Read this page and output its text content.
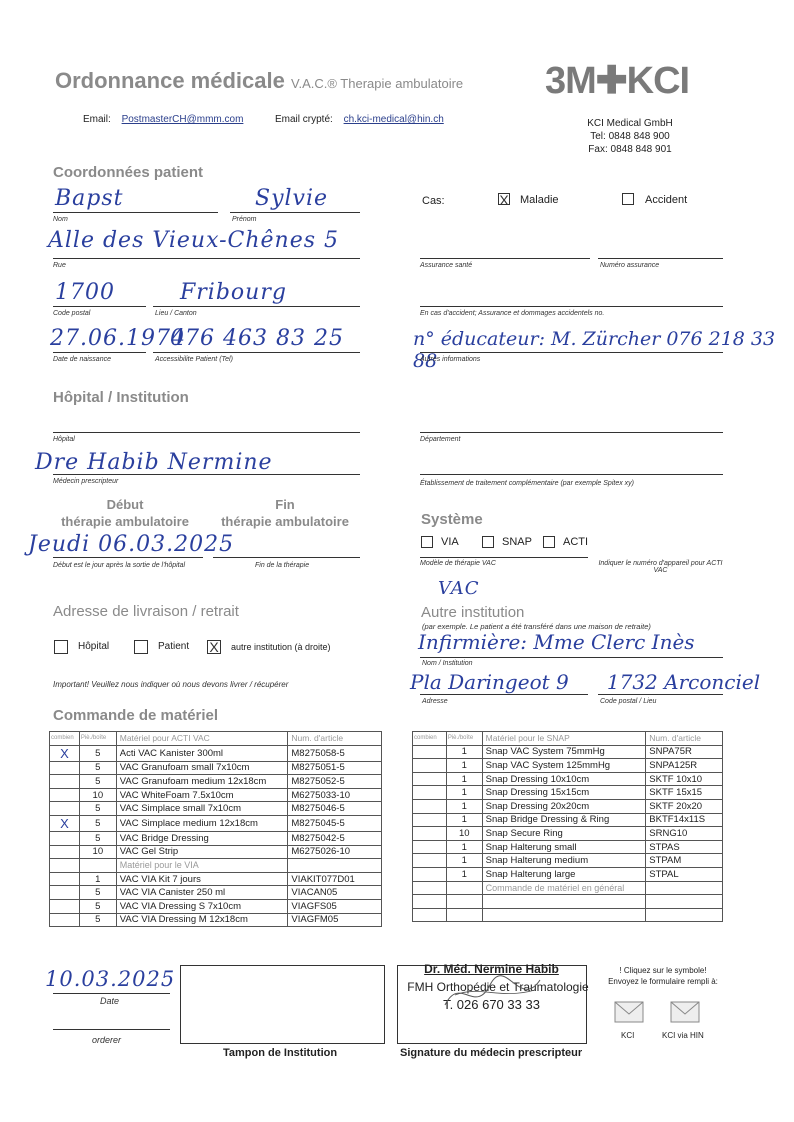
Ordonnance médicale V.A.C.® Therapie ambulatoire 3M✚KCI
Email: PostmasterCH@mmm.com	Email crypté: ch.kci-medical@hin.ch	KCI Medical GmbH
Tel: 0848 848 900
Fax: 0848 848 901
Coordonnées patient
Bapst	Sylvie
Nom	Prénom
Alle des Vieux-Chênes 5
Rue
1700	Fribourg
Code postal	Lieu / Canton
27.06.1974
076 463 83 25
Date de naissance	Accessibilite Patient (Tel)
Cas:	X Maladie	Accident
Assurance santé	Numéro assurance
En cas d'accident; Assurance et dommages accidentels no.
n° éducateur: M. Zürcher 076 218 33 88
Autres informations
Hôpital / Institution
Hôpital	Département
Dre Habib Nermine
Médecin prescripteur	Établissement de traitement complémentaire (par exemple Spitex xy)
Début
thérapie ambulatoire
Fin
thérapie ambulatoire
Jeudi 06.03.2025
Début est le jour après la sortie de l'hôpital	Fin de la thérapie
Système
VIA	SNAP	ACTI
Modèle de thérapie VAC	Indiquer le numéro d'appareil pour ACTI VAC
VAC
Adresse de livraison / retrait
Hôpital	Patient X autre institution (à droite)
Important! Veuillez nous indiquer où nous devons livrer / récupérer
Autre institution
(par exemple. Le patient a été transféré dans une maison de retraite)
Infirmière: Mme Clerc Inès
Nom / Institution
Pla Daringeot 9      1732 Arconciel
Adresse	Code postal / Lieu
Commande de matériel
combien	Piè./boîte	Matériel pour ACTI VAC	Num. d'article
X	5	Acti VAC Kanister 300ml	M8275058-5
	5	VAC Granufoam small 7x10cm	M8275051-5
	5	VAC Granufoam medium 12x18cm	M8275052-5
	10	VAC WhiteFoam 7.5x10cm	M6275033-10
	5	VAC Simplace small 7x10cm	M8275046-5
X	5	VAC Simplace medium 12x18cm	M8275045-5
	5	VAC Bridge Dressing	M8275042-5
	10	VAC Gel Strip	M6275026-10
		Matériel pour le VIA	
	1	VAC VIA Kit 7 jours	VIAKIT077D01
	5	VAC VIA Canister 250 ml	VIACAN05
	5	VAC VIA Dressing S 7x10cm	VIAGFS05
	5	VAC VIA Dressing M 12x18cm	VIAGFM05
combien	Piè./boîte	Matériel pour le SNAP	Num. d'article
	1	Snap VAC System 75mmHg	SNPA75R
	1	Snap VAC System 125mmHg	SNPA125R
	1	Snap Dressing 10x10cm	SKTF 10x10
	1	Snap Dressing 15x15cm	SKTF 15x15
	1	Snap Dressing 20x20cm	SKTF 20x20
	1	Snap Bridge Dressing & Ring	BKTF14x11S
	10	Snap Secure Ring	SRNG10
	1	Snap Halterung small	STPAS
	1	Snap Halterung medium	STPAM
	1	Snap Halterung large	STPAL
		Commande de matériel en général	

10.03.2025
Date
orderer
Tampon de Institution
Dr. Méd. Nermine Habib
FMH Orthopédie et Traumatologie
T. 026 670 33 33
Signature du médecin prescripteur
! Cliquez sur le symbole!
Envoyez le formulaire rempli à:
KCI	KCI via HIN
